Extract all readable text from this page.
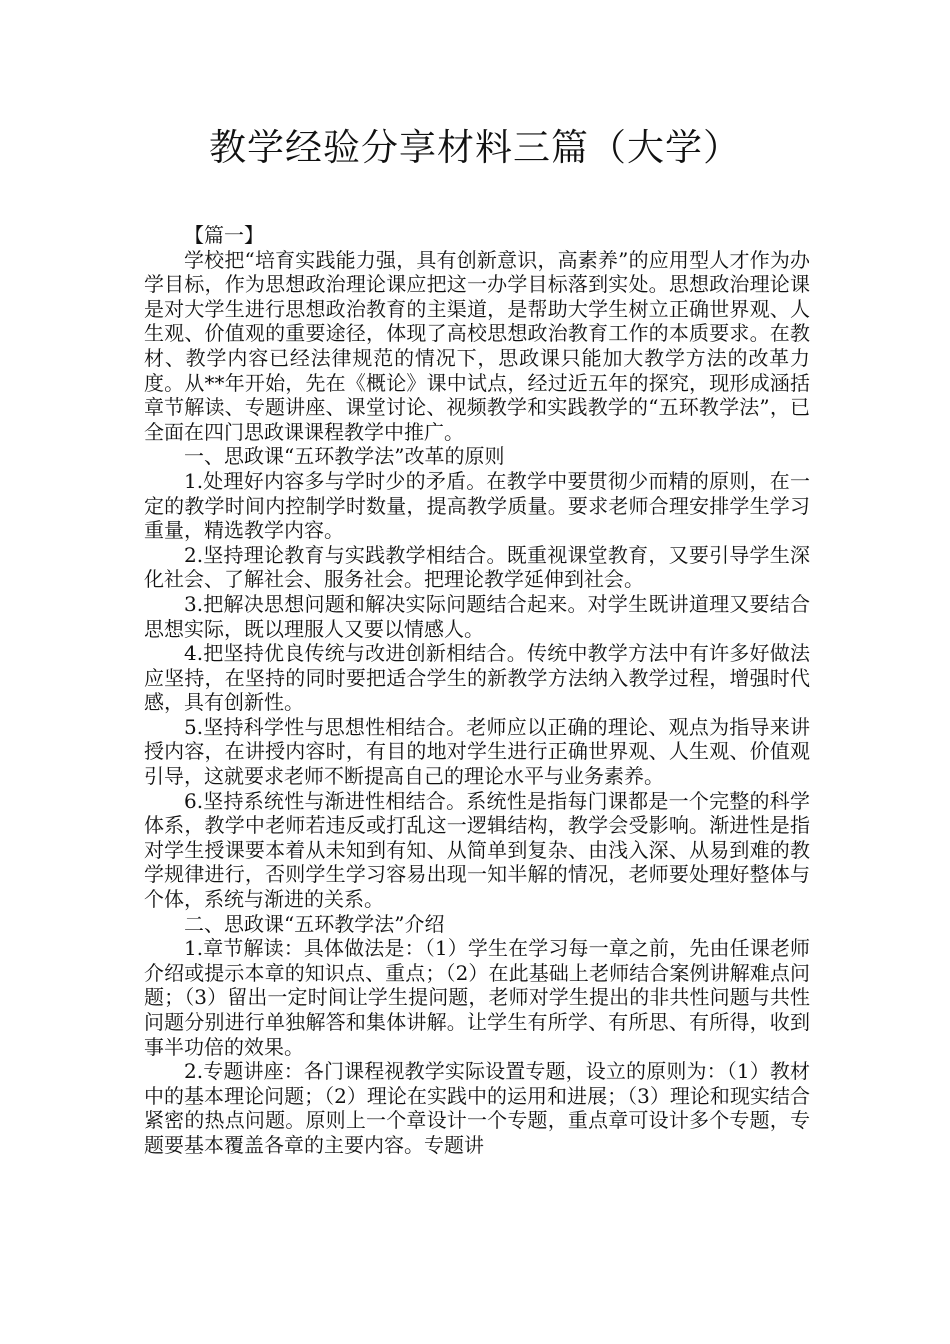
教学经验分享材料三篇（大学）

【篇一】

学校把“培育实践能力强，具有创新意识，高素养”的应用型人才作为办学目标，作为思想政治理论课应把这一办学目标落到实处。思想政治理论课是对大学生进行思想政治教育的主渠道，是帮助大学生树立正确世界观、人生观、价值观的重要途径，体现了高校思想政治教育工作的本质要求。在教材、教学内容已经法律规范的情况下，思政课只能加大教学方法的改革力度。从**年开始，先在《概论》课中试点，经过近五年的探究，现形成涵括章节解读、专题讲座、课堂讨论、视频教学和实践教学的“五环教学法”，已全面在四门思政课课程教学中推广。

一、思政课“五环教学法”改革的原则

1.处理好内容多与学时少的矛盾。在教学中要贯彻少而精的原则，在一定的教学时间内控制学时数量，提高教学质量。要求老师合理安排学生学习重量，精选教学内容。

2.坚持理论教育与实践教学相结合。既重视课堂教育，又要引导学生深化社会、了解社会、服务社会。把理论教学延伸到社会。

3.把解决思想问题和解决实际问题结合起来。对学生既讲道理又要结合思想实际，既以理服人又要以情感人。

4.把坚持优良传统与改进创新相结合。传统中教学方法中有许多好做法应坚持，在坚持的同时要把适合学生的新教学方法纳入教学过程，增强时代感，具有创新性。

5.坚持科学性与思想性相结合。老师应以正确的理论、观点为指导来讲授内容，在讲授内容时，有目的地对学生进行正确世界观、人生观、价值观引导，这就要求老师不断提高自己的理论水平与业务素养。

6.坚持系统性与渐进性相结合。系统性是指每门课都是一个完整的科学体系，教学中老师若违反或打乱这一逻辑结构，教学会受影响。渐进性是指对学生授课要本着从未知到有知、从简单到复杂、由浅入深、从易到难的教学规律进行，否则学生学习容易出现一知半解的情况，老师要处理好整体与个体，系统与渐进的关系。

二、思政课“五环教学法”介绍

1.章节解读：具体做法是：（1）学生在学习每一章之前，先由任课老师介绍或提示本章的知识点、重点；（2）在此基础上老师结合案例讲解难点问题；（3）留出一定时间让学生提问题，老师对学生提出的非共性问题与共性问题分别进行单独解答和集体讲解。让学生有所学、有所思、有所得，收到事半功倍的效果。

2.专题讲座：各门课程视教学实际设置专题，设立的原则为：（1）教材中的基本理论问题；（2）理论在实践中的运用和进展；（3）理论和现实结合紧密的热点问题。原则上一个章设计一个专题，重点章可设计多个专题，专题要基本覆盖各章的主要内容。专题讲
